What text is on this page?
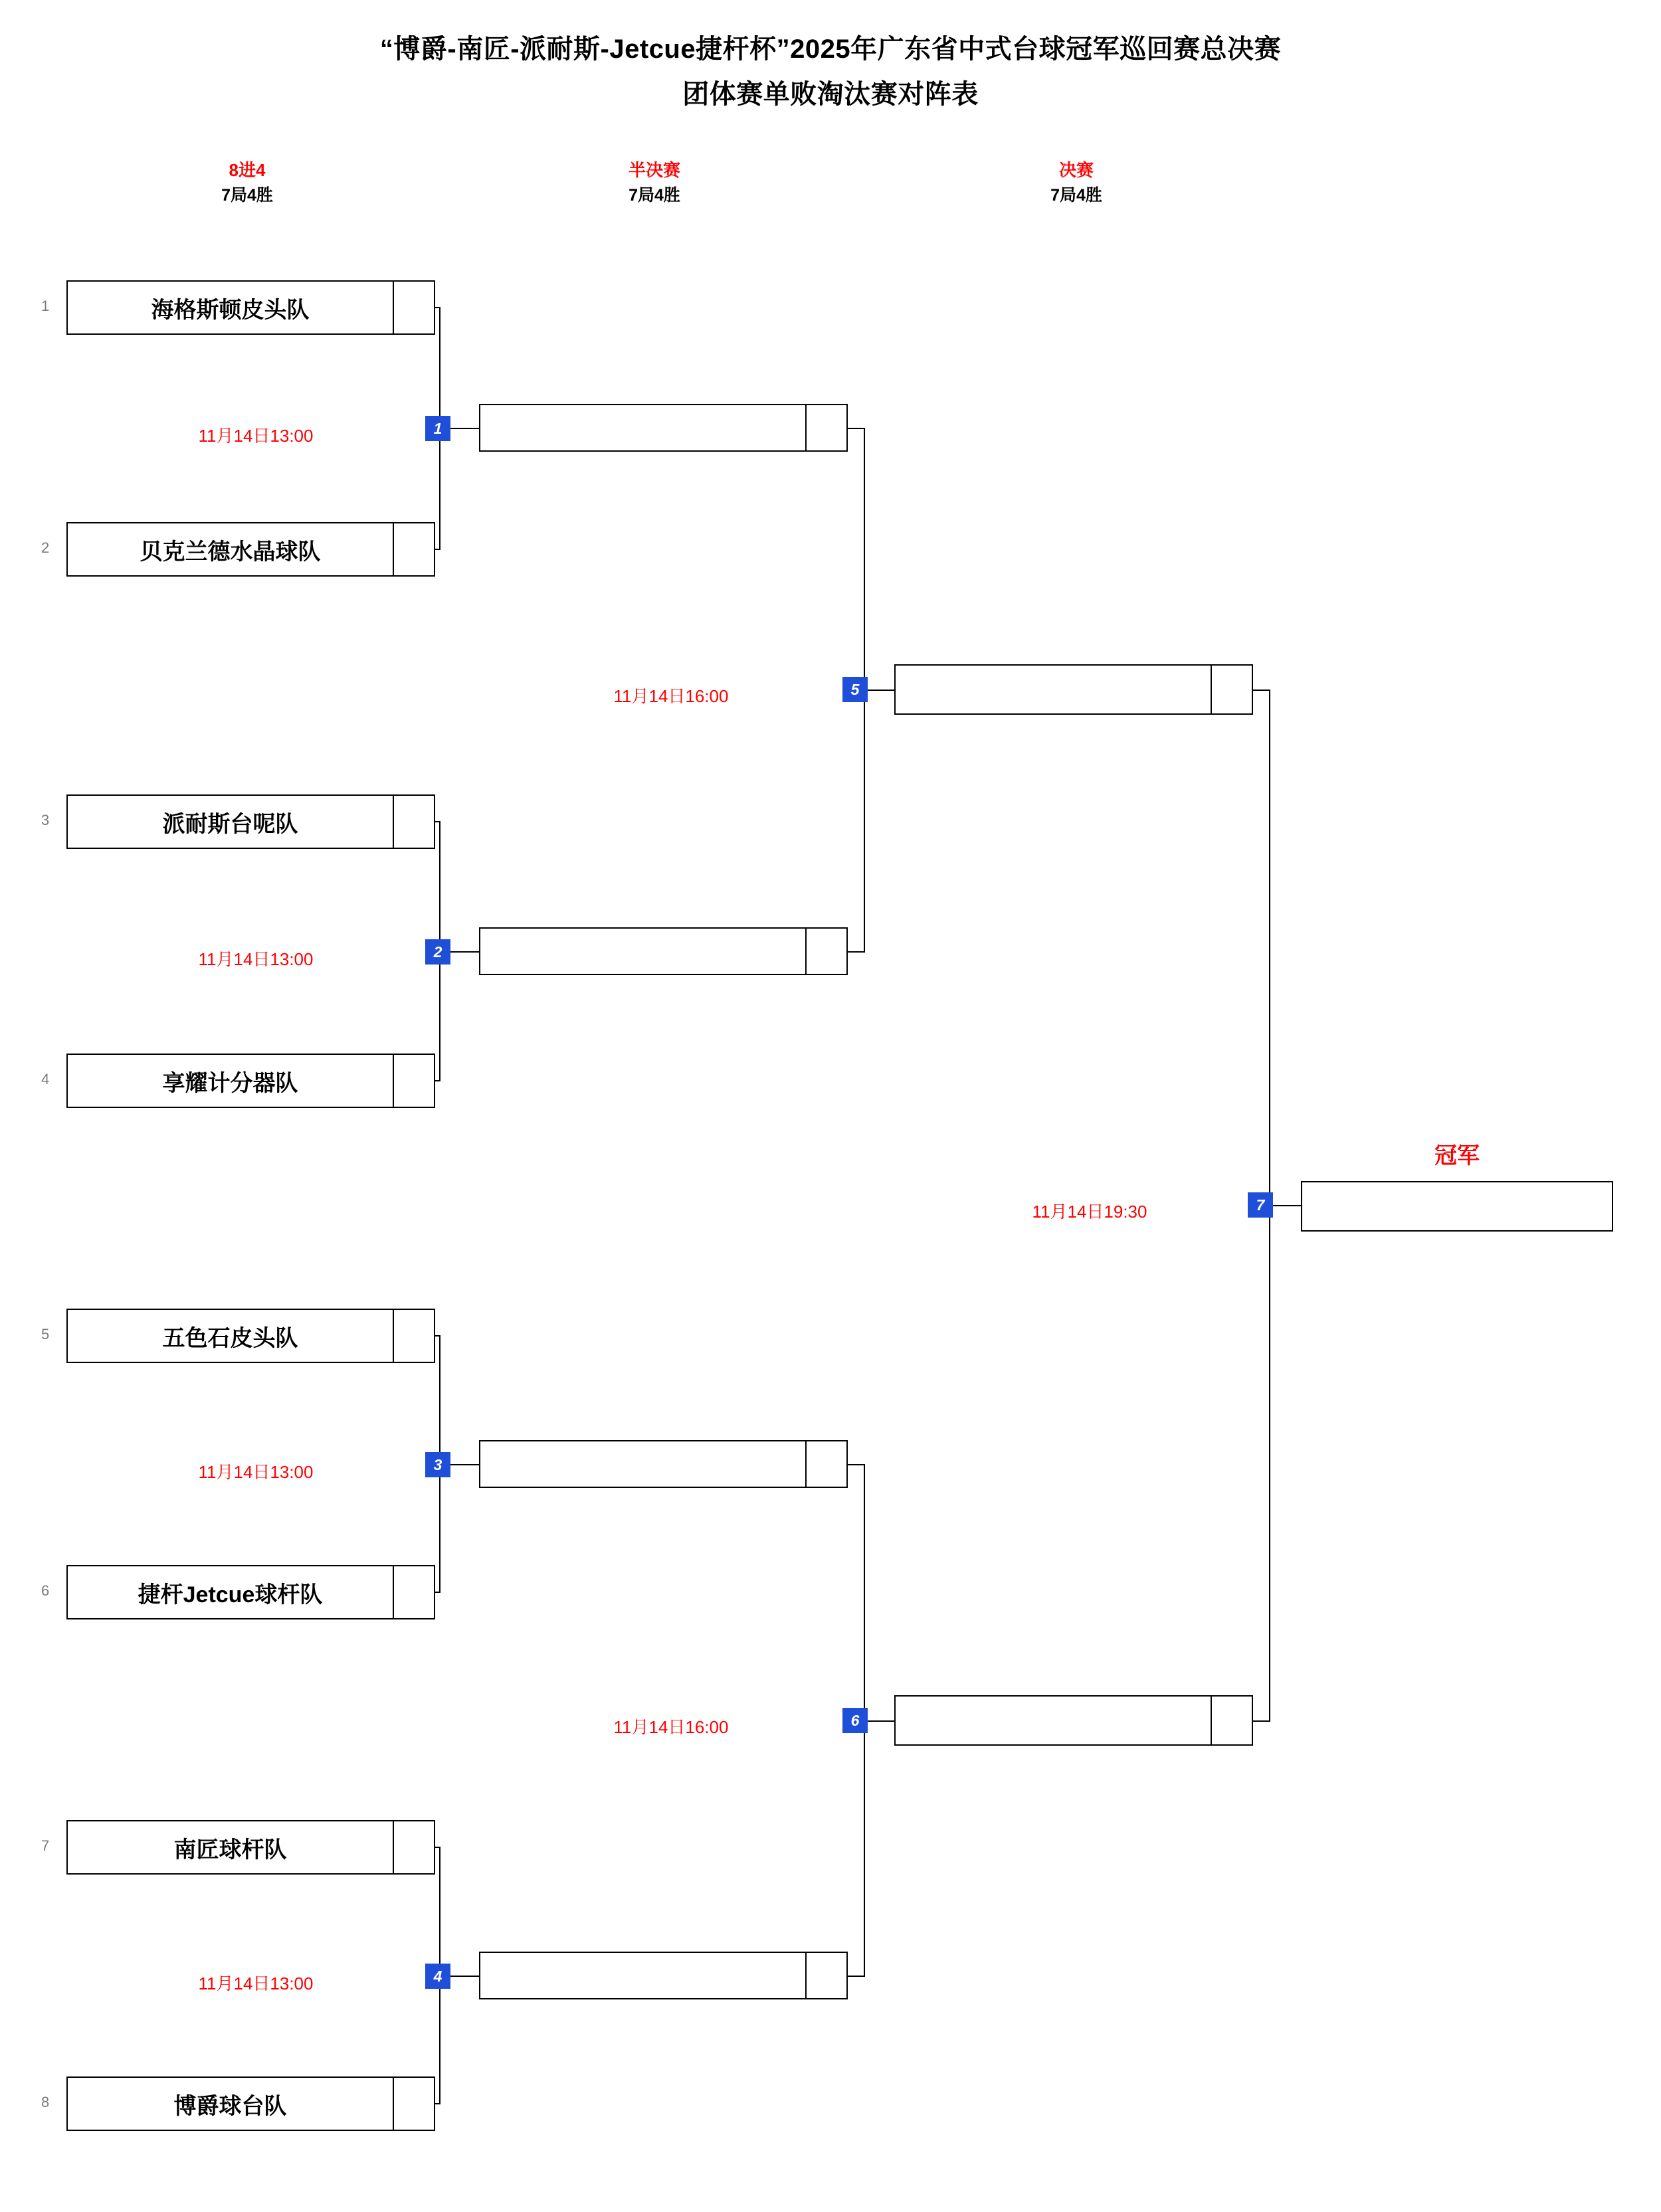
“博爵-南匠-派耐斯-Jetcue捷杆杯”2025年广东省中式台球冠军巡回赛总决赛
团体赛单败淘汰赛对阵表
8进4
7局4胜
半决赛
7局4胜
决赛
7局4胜
1
2
3
4
5
6
7
8
海格斯顿皮头队
贝克兰德水晶球队
派耐斯台呢队
享耀计分器队
五色石皮头队
捷杆Jetcue球杆队
南匠球杆队
博爵球台队
冠军
1
2
3
4
5
6
7
11月14日13:00
11月14日13:00
11月14日13:00
11月14日13:00
11月14日16:00
11月14日16:00
11月14日19:30
